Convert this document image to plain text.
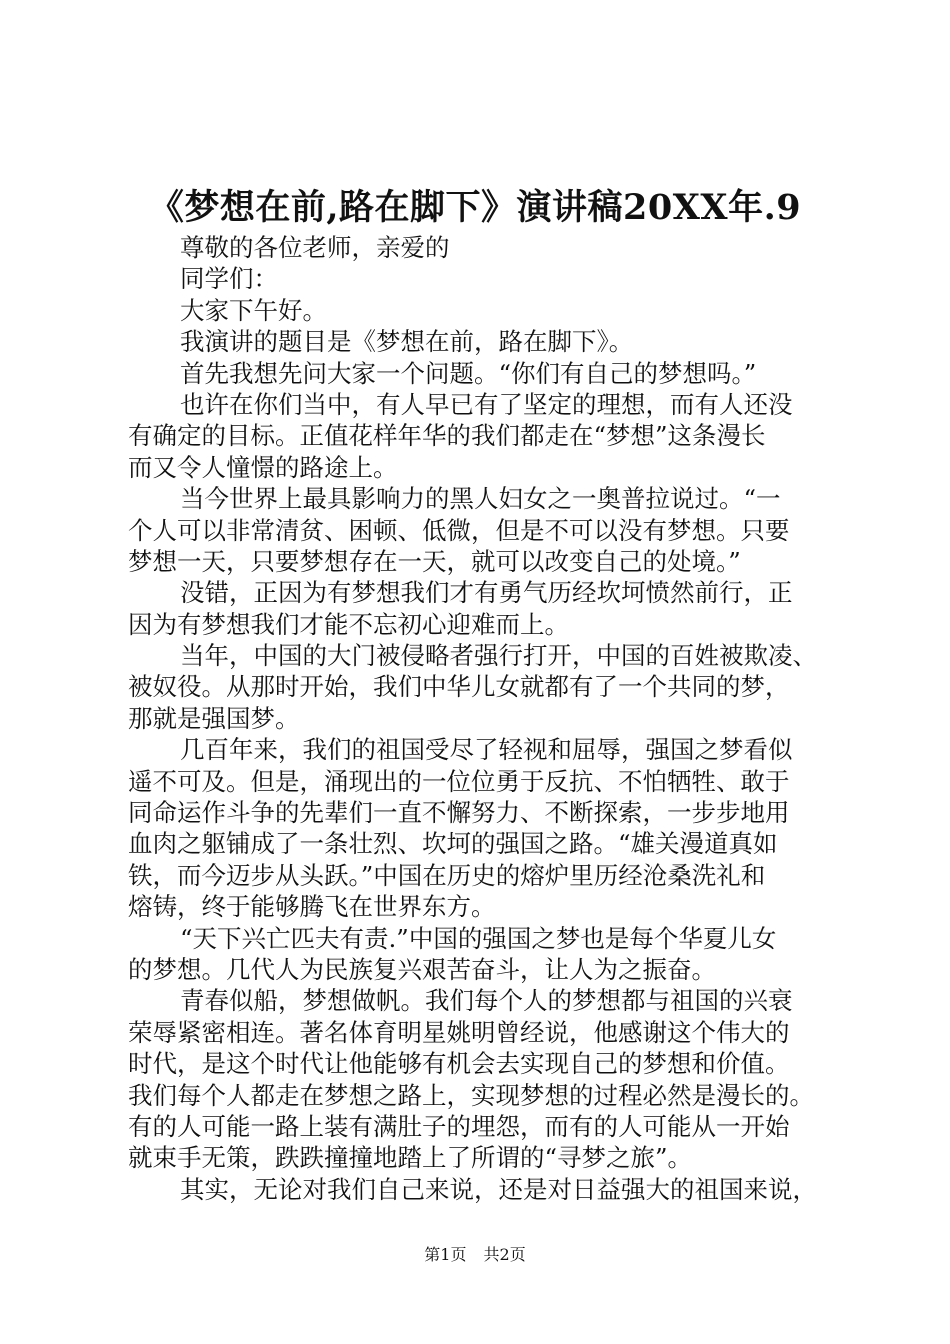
《梦想在前,路在脚下》演讲稿20XX年.9
尊敬的各位老师，亲爱的
同学们：
大家下午好。
我演讲的题目是《梦想在前，路在脚下》。
首先我想先问大家一个问题。“你们有自己的梦想吗。”
也许在你们当中，有人早已有了坚定的理想，而有人还没
有确定的目标。正值花样年华的我们都走在“梦想”这条漫长
而又令人憧憬的路途上。
当今世界上最具影响力的黑人妇女之一奥普拉说过。“一
个人可以非常清贫、困顿、低微，但是不可以没有梦想。只要
梦想一天，只要梦想存在一天，就可以改变自己的处境。”
没错，正因为有梦想我们才有勇气历经坎坷愤然前行，正
因为有梦想我们才能不忘初心迎难而上。
当年，中国的大门被侵略者强行打开，中国的百姓被欺凌、
被奴役。从那时开始，我们中华儿女就都有了一个共同的梦，
那就是强国梦。
几百年来，我们的祖国受尽了轻视和屈辱，强国之梦看似
遥不可及。但是，涌现出的一位位勇于反抗、不怕牺牲、敢于
同命运作斗争的先辈们一直不懈努力、不断探索，一步步地用
血肉之躯铺成了一条壮烈、坎坷的强国之路。“雄关漫道真如
铁，而今迈步从头跃。”中国在历史的熔炉里历经沧桑洗礼和
熔铸，终于能够腾飞在世界东方。
“天下兴亡匹夫有责.”中国的强国之梦也是每个华夏儿女
的梦想。几代人为民族复兴艰苦奋斗，让人为之振奋。
青春似船，梦想做帆。我们每个人的梦想都与祖国的兴衰
荣辱紧密相连。著名体育明星姚明曾经说，他感谢这个伟大的
时代，是这个时代让他能够有机会去实现自己的梦想和价值。
我们每个人都走在梦想之路上，实现梦想的过程必然是漫长的。
有的人可能一路上装有满肚子的埋怨，而有的人可能从一开始
就束手无策，跌跌撞撞地踏上了所谓的“寻梦之旅”。
其实，无论对我们自己来说，还是对日益强大的祖国来说，
第1页 共2页
